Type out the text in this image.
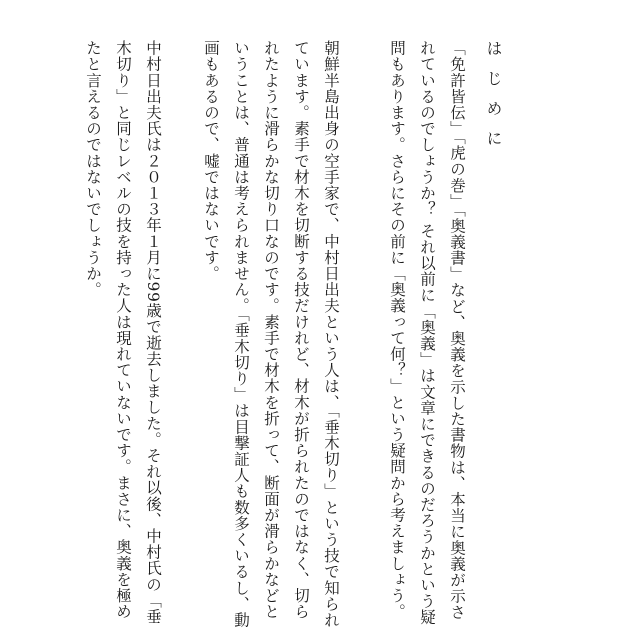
はじめに
「免許皆伝」「虎の巻」「奥義書」など、奥義を示した書物は、本当に奥義が示されているのでしょうか？ それ以前に「奥義」は文章にできるのだろうかという疑問もあります。さらにその前に「奥義って何？」という疑問から考えましょう。
朝鮮半島出身の空手家で、中村日出夫という人は、「垂木切り」という技で知られています。素手で材木を切断する技だけれど、材木が折られたのではなく、切られたように滑らかな切り口なのです。素手で材木を折って、断面が滑らかなどということは、普通は考えられません。「垂木切り」は目撃証人も数多くいるし、動画もあるので、嘘ではないです。
中村日出夫氏は２０１３年１月に99歳で逝去しました。それ以後、中村氏の「垂木切り」と同じレベルの技を持った人は現れていないです。まさに、奥義を極めたと言えるのではないでしょうか。
